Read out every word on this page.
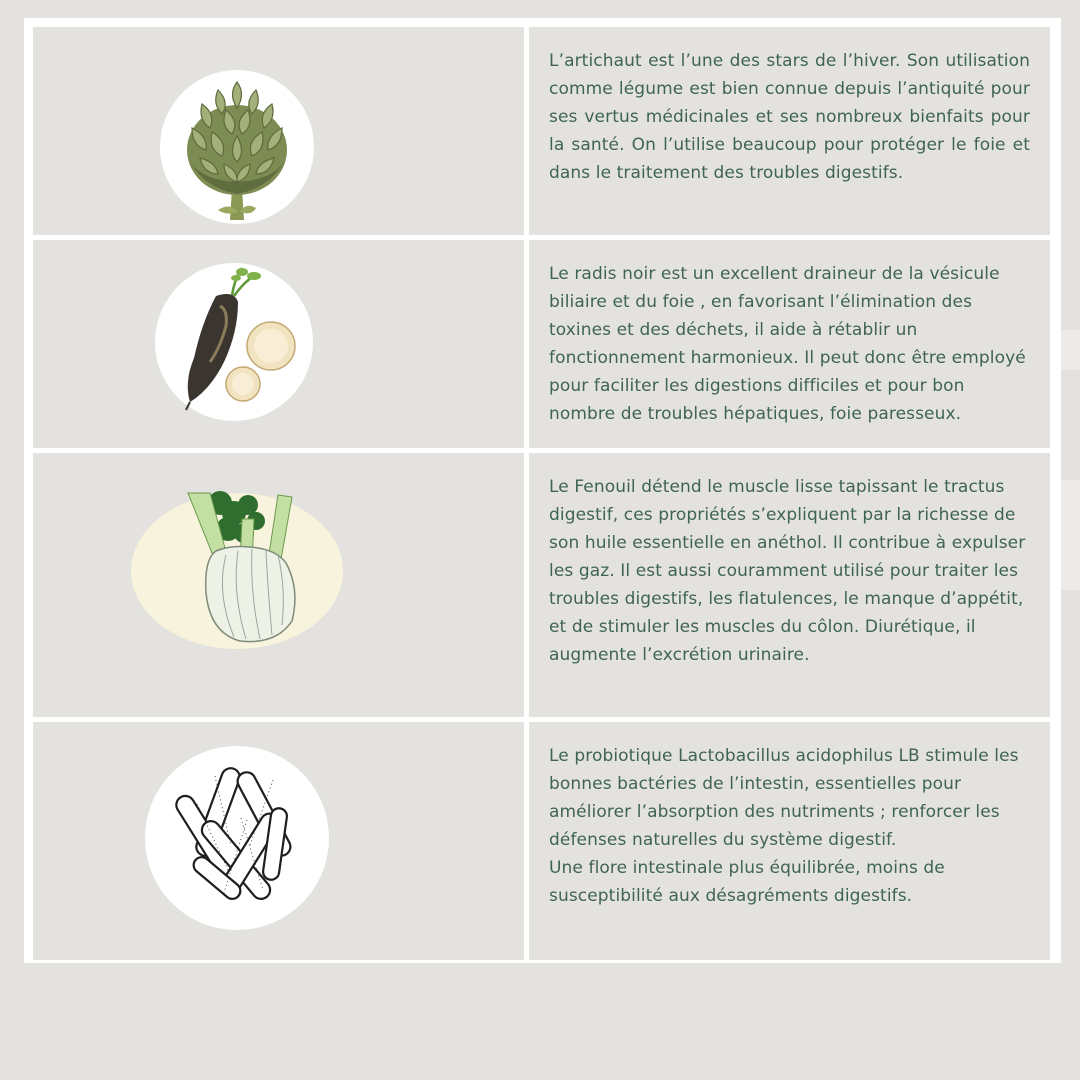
L’artichaut est l’une des stars de l’hiver. Son utilisation comme légume est bien connue depuis l’antiquité pour ses vertus médicinales et ses nombreux bienfaits pour la santé. On l’utilise beaucoup pour protéger le foie et dans le traitement des troubles digestifs.

Le radis noir est un excellent draineur de la vésicule biliaire et du foie , en favorisant l’élimination des toxines et des déchets, il aide à rétablir un fonctionnement harmonieux. Il peut donc être employé pour faciliter les digestions difficiles et pour bon nombre de troubles hépatiques, foie paresseux.

Le Fenouil détend le muscle lisse tapissant le tractus digestif, ces propriétés s’expliquent par la richesse de son huile essentielle en anéthol. Il contribue à expulser les gaz. Il est aussi couramment utilisé pour traiter les troubles digestifs, les flatulences, le manque d’appétit, et de stimuler les muscles du côlon. Diurétique, il augmente l’excrétion urinaire.

Le probiotique Lactobacillus acidophilus LB stimule les bonnes bactéries de l’intestin, essentielles pour améliorer l’absorption des nutriments ; renforcer les défenses naturelles du système digestif.
Une flore intestinale plus équilibrée, moins de susceptibilité aux désagréments digestifs.
